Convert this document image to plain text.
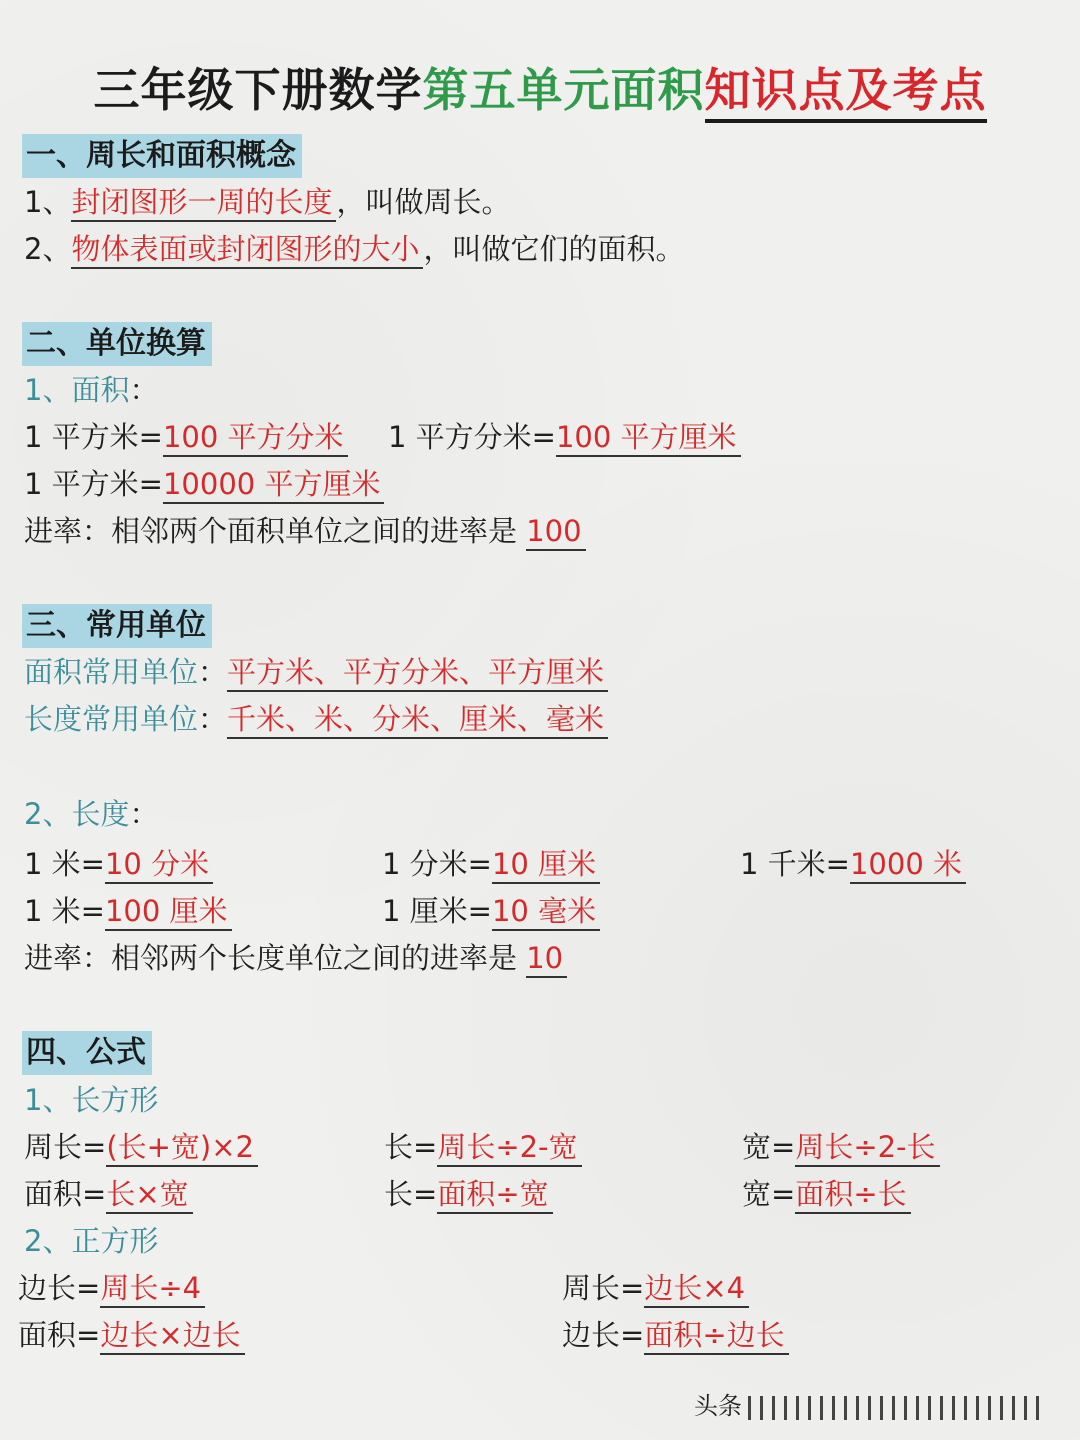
三年级下册数学第五单元面积知识点及考点
一、周长和面积概念
1、封闭图形一周的长度 ，叫做周长。
2、物体表面或封闭图形的大小 ，叫做它们的面积。
二、单位换算
1、面积：
1 平方米=100 平方分米 1 平方分米=100 平方厘米
1 平方米=10000 平方厘米
进率：相邻两个面积单位之间的进率是 100
三、常用单位
面积常用单位：平方米、平方分米、平方厘米
长度常用单位：千米、米、分米、厘米、毫米
2、长度：
1 米=10 分米	1 分米=10 厘米	1 千米=1000 米
1 米=100 厘米	1 厘米=10 毫米
进率：相邻两个长度单位之间的进率是 10
四、公式
1、长方形
周长=(长+宽)×2	长=周长÷2-宽	宽=周长÷2-长
面积=长×宽	长=面积÷宽	宽=面积÷长
2、正方形
边长=周长÷4	周长=边长×4
面积=边长×边长	边长=面积÷边长
头条
